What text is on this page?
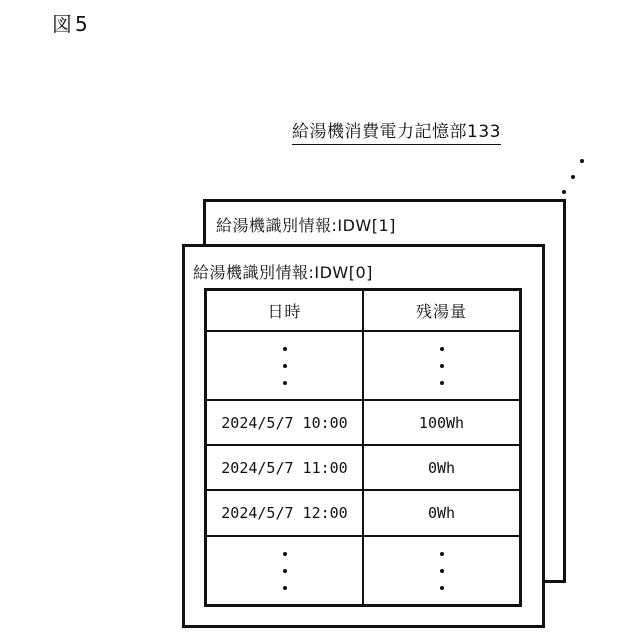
図5
給湯機消費電力記憶部133
給湯機識別情報:IDW[1]
給湯機識別情報:IDW[0]
日時	残湯量
2024/5/7 10:00	100Wh
2024/5/7 11:00	0Wh
2024/5/7 12:00	0Wh
